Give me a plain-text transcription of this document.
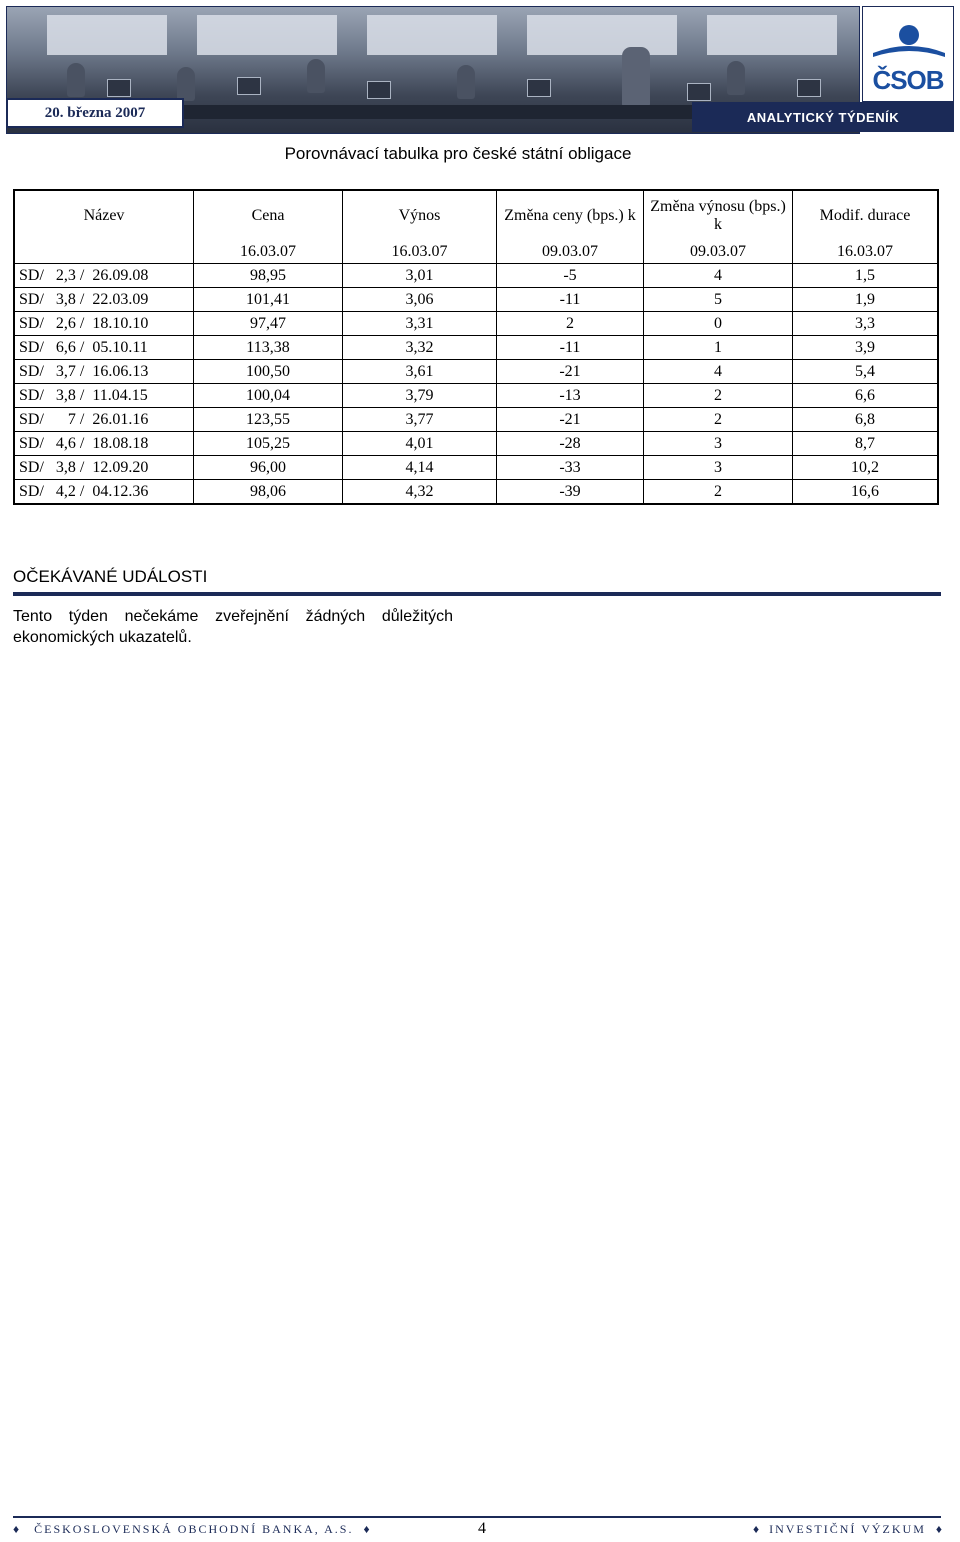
20. března 2007
ČSOB
ANALYTICKÝ TÝDENÍK
Porovnávací tabulka pro české státní obligace
Název	Cena	Výnos	Změna ceny (bps.) k	Změna výnosu (bps.) k	Modif. durace
	16.03.07	16.03.07	09.03.07	09.03.07	16.03.07
SD/   2,3 /  26.09.08	98,95	3,01	-5	4	1,5
SD/   3,8 /  22.03.09	101,41	3,06	-11	5	1,9
SD/   2,6 /  18.10.10	97,47	3,31	2	0	3,3
SD/   6,6 /  05.10.11	113,38	3,32	-11	1	3,9
SD/   3,7 /  16.06.13	100,50	3,61	-21	4	5,4
SD/   3,8 /  11.04.15	100,04	3,79	-13	2	6,6
SD/      7 /  26.01.16	123,55	3,77	-21	2	6,8
SD/   4,6 /  18.08.18	105,25	4,01	-28	3	8,7
SD/   3,8 /  12.09.20	96,00	4,14	-33	3	10,2
SD/   4,2 /  04.12.36	98,06	4,32	-39	2	16,6
OČEKÁVANÉ UDÁLOSTI
Tento týden nečekáme zveřejnění žádných důležitých ekonomických ukazatelů.
♦ ČESKOSLOVENSKÁ OBCHODNÍ BANKA, A.S. ♦	4	♦ INVESTIČNÍ VÝZKUM ♦
